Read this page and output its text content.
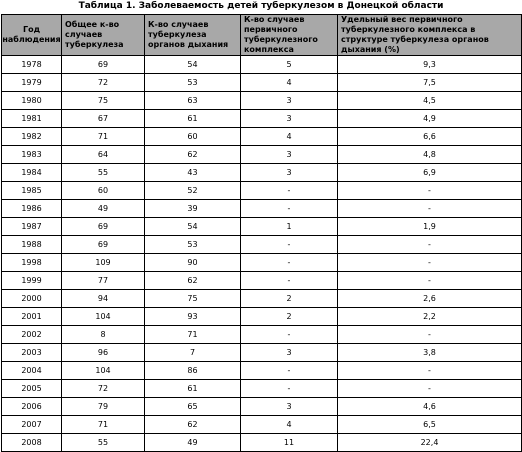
Таблица 1. Заболеваемость детей туберкулезом в Донецкой области
Год наблюдения	Общее к-во случаев туберкулеза	К-во случаев туберкулеза органов дыхания	К-во случаев первичного туберкулезного комплекса	Удельный вес первичного туберкулезного комплекса в структуре туберкулеза органов дыхания (%)
1978	69	54	5	9,3
1979	72	53	4	7,5
1980	75	63	3	4,5
1981	67	61	3	4,9
1982	71	60	4	6,6
1983	64	62	3	4,8
1984	55	43	3	6,9
1985	60	52	-	-
1986	49	39	-	-
1987	69	54	1	1,9
1988	69	53	-	-
1998	109	90	-	-
1999	77	62	-	-
2000	94	75	2	2,6
2001	104	93	2	2,2
2002	8	71	-	-
2003	96	7	3	3,8
2004	104	86	-	-
2005	72	61	-	-
2006	79	65	3	4,6
2007	71	62	4	6,5
2008	55	49	11	22,4
